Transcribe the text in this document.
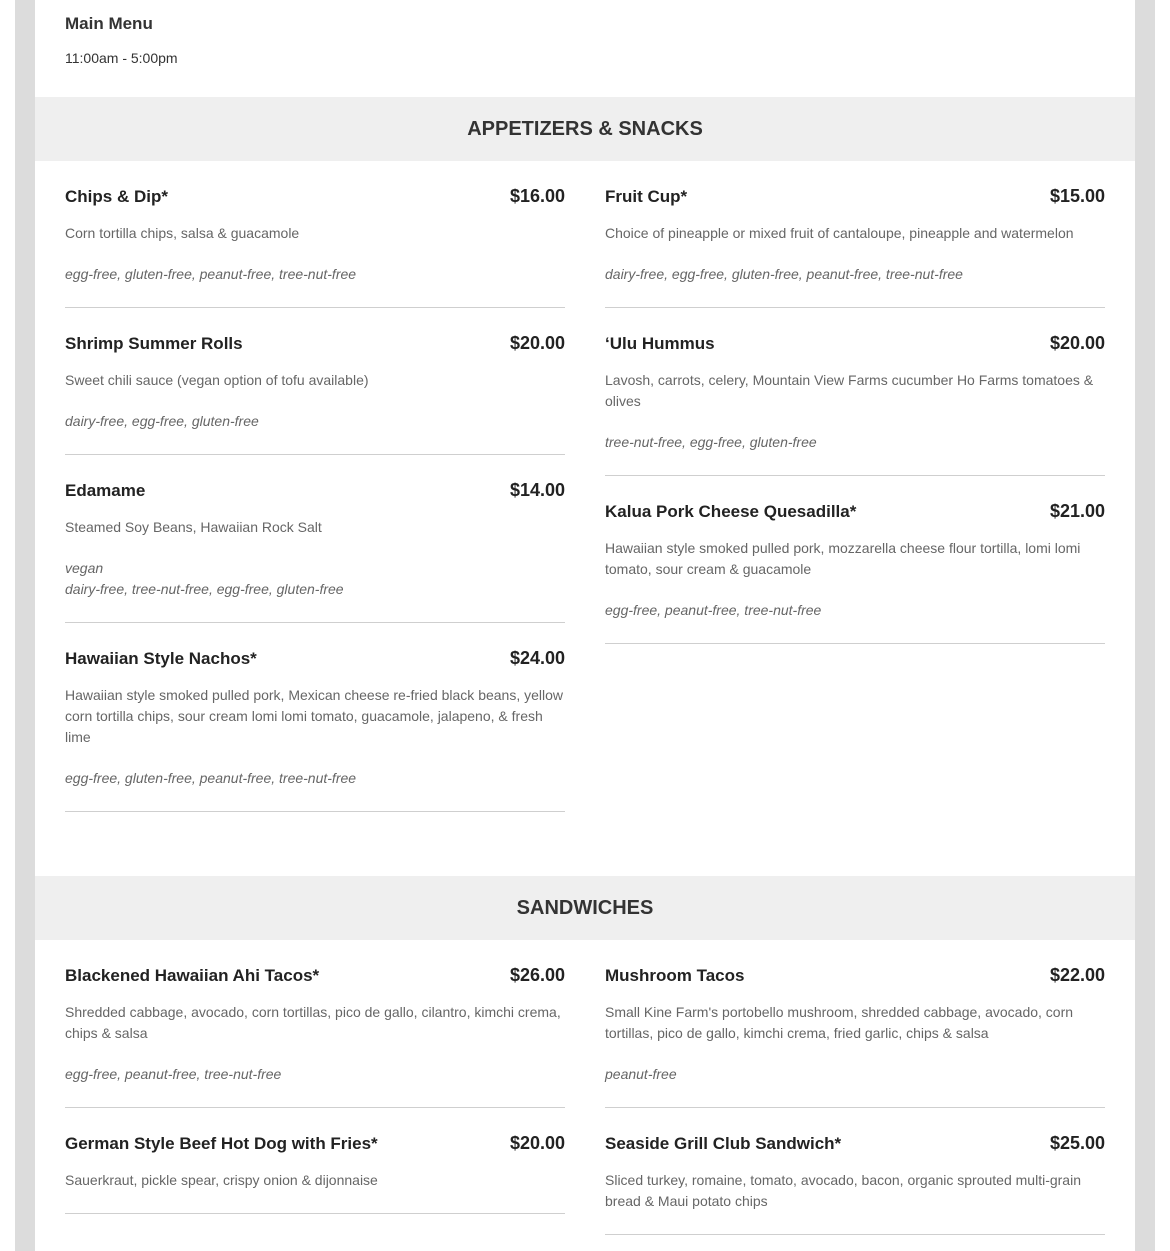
Main Menu
11:00am - 5:00pm
APPETIZERS & SNACKS
Chips & Dip*	$16.00
Corn tortilla chips, salsa & guacamole
egg-free, gluten-free, peanut-free, tree-nut-free
Shrimp Summer Rolls	$20.00
Sweet chili sauce (vegan option of tofu available)
dairy-free, egg-free, gluten-free
Edamame	$14.00
Steamed Soy Beans, Hawaiian Rock Salt
vegan
dairy-free, tree-nut-free, egg-free, gluten-free
Hawaiian Style Nachos*	$24.00
Hawaiian style smoked pulled pork, Mexican cheese re-fried black beans, yellow corn tortilla chips, sour cream lomi lomi tomato, guacamole, jalapeno, & fresh lime
egg-free, gluten-free, peanut-free, tree-nut-free
Fruit Cup*	$15.00
Choice of pineapple or mixed fruit of cantaloupe, pineapple and watermelon
dairy-free, egg-free, gluten-free, peanut-free, tree-nut-free
‘Ulu Hummus	$20.00
Lavosh, carrots, celery, Mountain View Farms cucumber Ho Farms tomatoes & olives
tree-nut-free, egg-free, gluten-free
Kalua Pork Cheese Quesadilla*	$21.00
Hawaiian style smoked pulled pork, mozzarella cheese flour tortilla, lomi lomi tomato, sour cream & guacamole
egg-free, peanut-free, tree-nut-free
SANDWICHES
Blackened Hawaiian Ahi Tacos*	$26.00
Shredded cabbage, avocado, corn tortillas, pico de gallo, cilantro, kimchi crema, chips & salsa
egg-free, peanut-free, tree-nut-free
German Style Beef Hot Dog with Fries*	$20.00
Sauerkraut, pickle spear, crispy onion & dijonnaise
Mushroom Tacos	$22.00
Small Kine Farm's portobello mushroom, shredded cabbage, avocado, corn tortillas, pico de gallo, kimchi crema, fried garlic, chips & salsa
peanut-free
Seaside Grill Club Sandwich*	$25.00
Sliced turkey, romaine, tomato, avocado, bacon, organic sprouted multi-grain bread & Maui potato chips
